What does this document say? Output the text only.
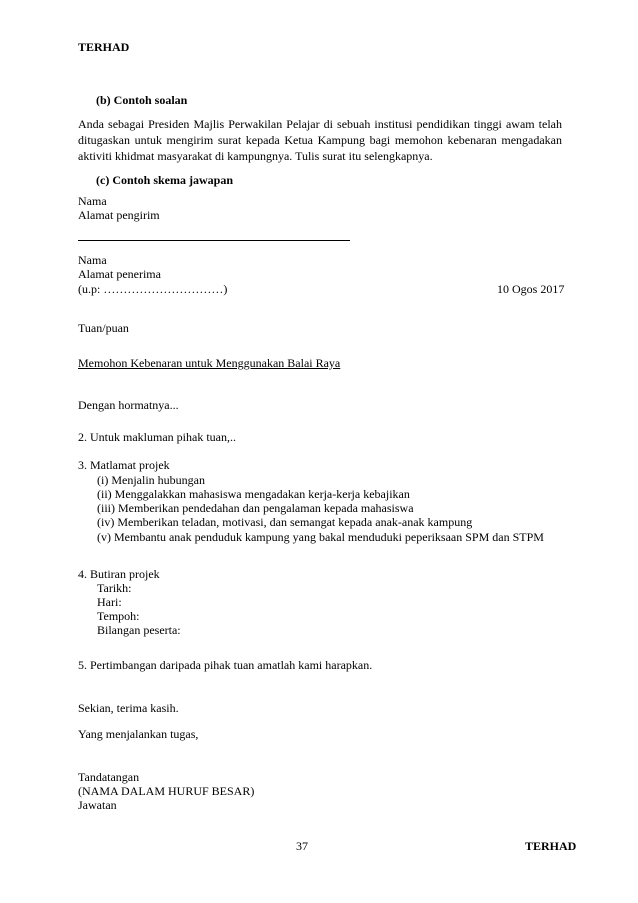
TERHAD
(b) Contoh soalan
Anda sebagai Presiden Majlis Perwakilan Pelajar di sebuah institusi pendidikan tinggi awam telah ditugaskan untuk mengirim surat kepada Ketua Kampung bagi memohon kebenaran mengadakan aktiviti khidmat masyarakat di kampungnya. Tulis surat itu selengkapnya.
(c) Contoh skema jawapan
Nama
Alamat pengirim
Nama
Alamat penerima
(u.p: …………………………)	10 Ogos 2017
Tuan/puan
Memohon Kebenaran untuk Menggunakan Balai Raya
Dengan hormatnya...
2. Untuk makluman pihak tuan,..
3. Matlamat projek
(i) Menjalin hubungan
(ii) Menggalakkan mahasiswa mengadakan kerja-kerja kebajikan
(iii) Memberikan pendedahan dan pengalaman kepada mahasiswa
(iv) Memberikan teladan, motivasi, dan semangat kepada anak-anak kampung
(v) Membantu anak penduduk kampung yang bakal menduduki peperiksaan SPM dan STPM
4. Butiran projek
Tarikh:
Hari:
Tempoh:
Bilangan peserta:
5. Pertimbangan daripada pihak tuan amatlah kami harapkan.
Sekian, terima kasih.
Yang menjalankan tugas,
Tandatangan
(NAMA DALAM HURUF BESAR)
Jawatan
37	TERHAD
